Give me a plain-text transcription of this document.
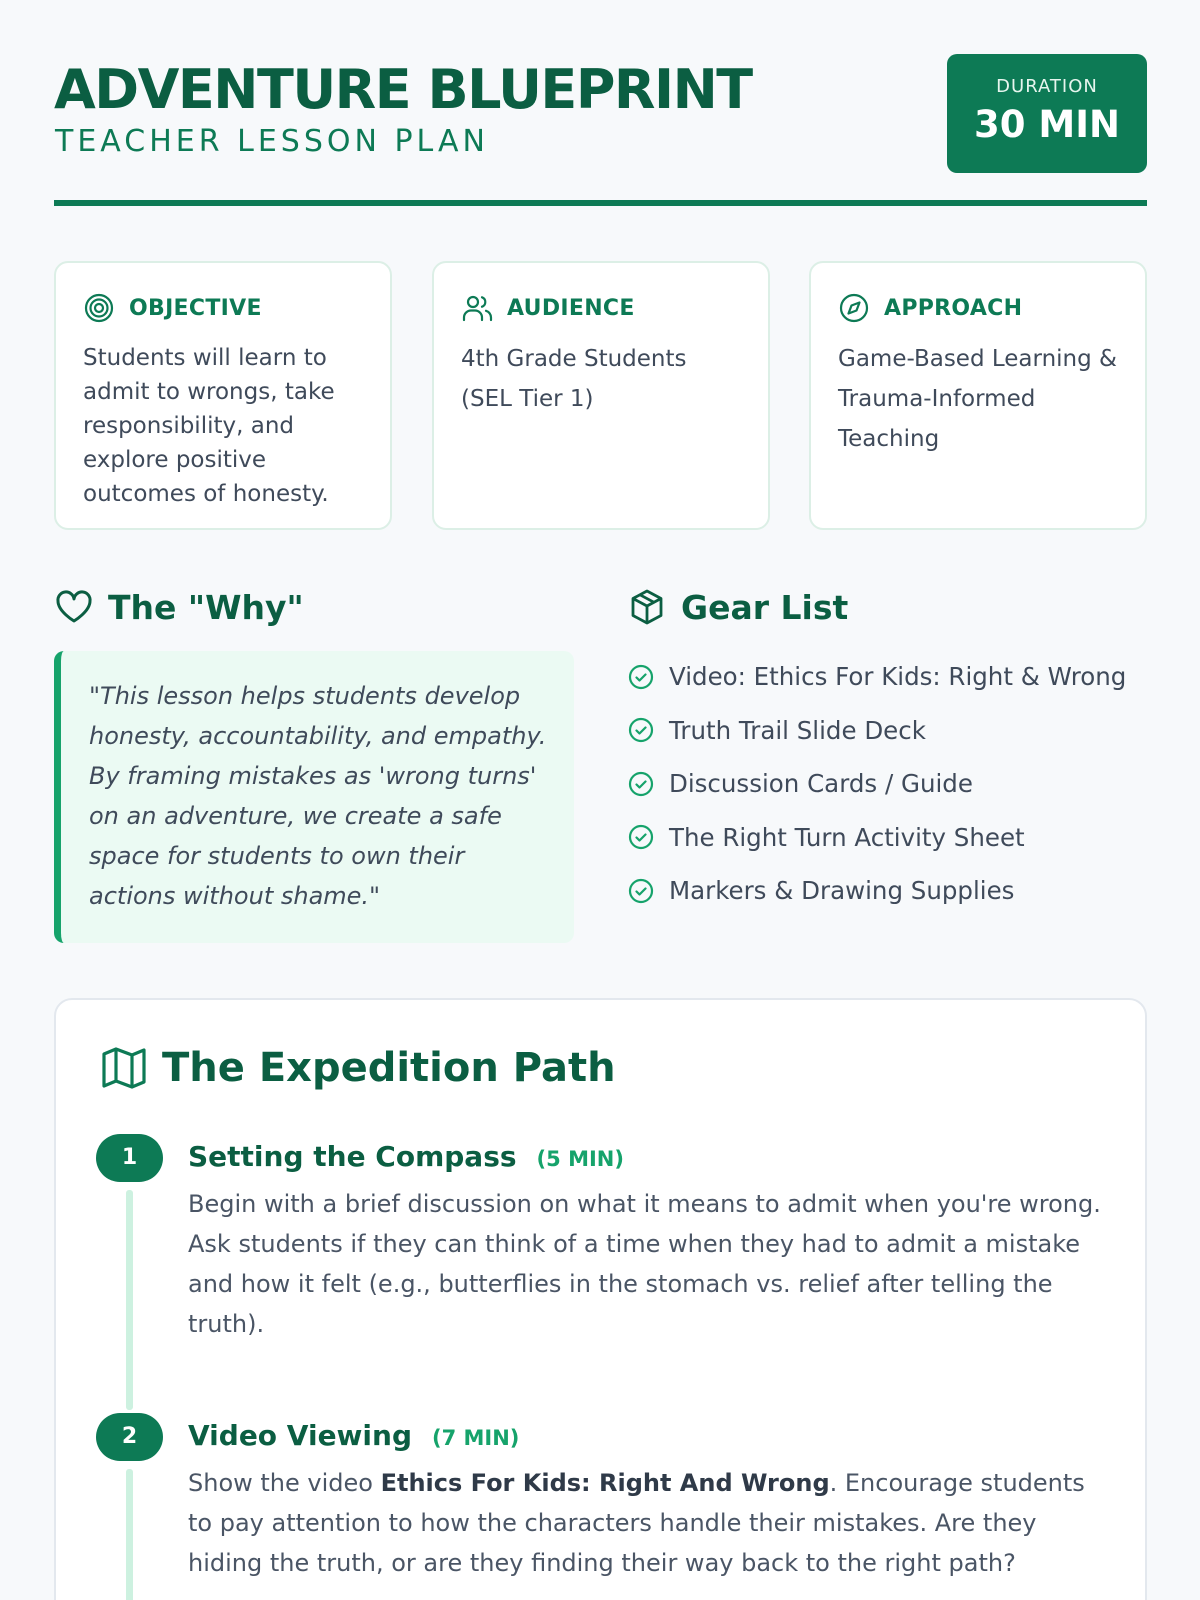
ADVENTURE BLUEPRINT
TEACHER LESSON PLAN
DURATION
30 MIN
OBJECTIVE
Students will learn to admit to wrongs, take responsibility, and explore positive outcomes of honesty.
AUDIENCE
4th Grade Students (SEL Tier 1)
APPROACH
Game-Based Learning & Trauma-Informed Teaching
The "Why"
"This lesson helps students develop honesty, accountability, and empathy. By framing mistakes as 'wrong turns' on an adventure, we create a safe space for students to own their actions without shame."
Gear List
Video: Ethics For Kids: Right & Wrong
Truth Trail Slide Deck
Discussion Cards / Guide
The Right Turn Activity Sheet
Markers & Drawing Supplies
The Expedition Path
1	Setting the Compass (5 MIN)
Begin with a brief discussion on what it means to admit when you're wrong. Ask students if they can think of a time when they had to admit a mistake and how it felt (e.g., butterflies in the stomach vs. relief after telling the truth).
2	Video Viewing (7 MIN)
Show the video Ethics For Kids: Right And Wrong. Encourage students to pay attention to how the characters handle their mistakes. Are they hiding the truth, or are they finding their way back to the right path?
